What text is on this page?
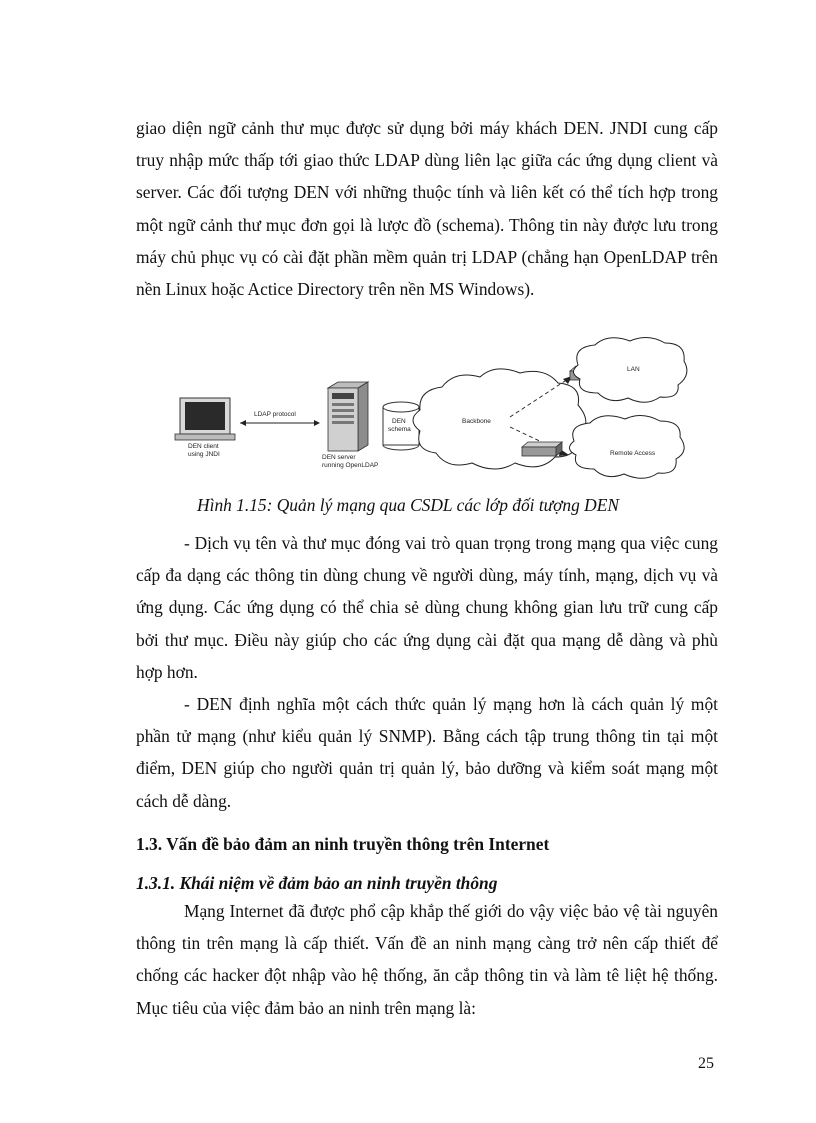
giao diện ngữ cảnh thư mục được sử dụng bởi máy khách DEN. JNDI cung cấp truy nhập mức thấp tới giao thức LDAP dùng liên lạc giữa các ứng dụng client và server. Các đối tượng DEN với những thuộc tính và liên kết có thể tích hợp trong một ngữ cảnh thư mục đơn gọi là lược đồ (schema). Thông tin này được lưu trong máy chủ phục vụ có cài đặt phần mềm quản trị LDAP (chẳng hạn OpenLDAP trên nền Linux hoặc Actice Directory trên nền MS Windows).

DEN client
using JNDI
LDAP protocol
DEN server
running OpenLDAP
DEN
schema
Backbone
LAN
Remote Access

Hình 1.15: Quản lý mạng qua CSDL các lớp đối tượng DEN

- Dịch vụ tên và thư mục đóng vai trò quan trọng trong mạng qua việc cung cấp đa dạng các thông tin dùng chung về người dùng, máy tính, mạng, dịch vụ và ứng dụng. Các ứng dụng có thể chia sẻ dùng chung không gian lưu trữ cung cấp bởi thư mục. Điều này giúp cho các ứng dụng cài đặt qua mạng dễ dàng và phù hợp hơn.

- DEN định nghĩa một cách thức quản lý mạng hơn là cách quản lý một phần tử mạng (như kiểu quản lý SNMP). Bằng cách tập trung thông tin tại một điểm, DEN giúp cho người quản trị quản lý, bảo dưỡng và kiểm soát mạng một cách dễ dàng.

1.3. Vấn đề bảo đảm an ninh truyền thông trên Internet

1.3.1. Khái niệm về đảm bảo an ninh truyền thông

Mạng Internet đã được phổ cập khắp thế giới do vậy việc bảo vệ tài nguyên thông tin trên mạng là cấp thiết. Vấn đề an ninh mạng càng trở nên cấp thiết để chống các hacker đột nhập vào hệ thống, ăn cắp thông tin và làm tê liệt hệ thống. Mục tiêu của việc đảm bảo an ninh trên mạng là:

25
